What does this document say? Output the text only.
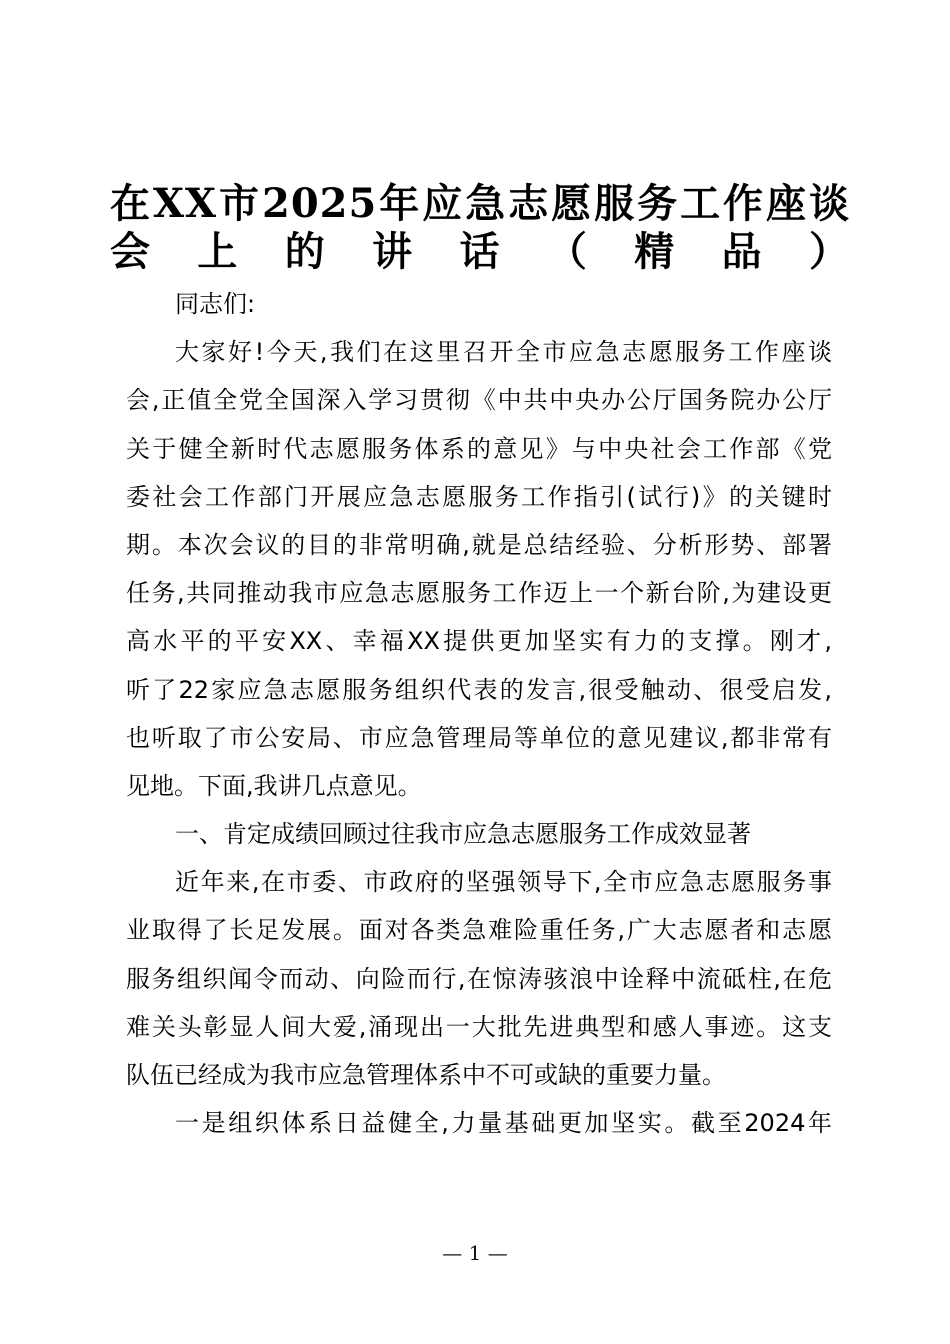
在XX市2025年应急志愿服务工作座谈
会上的讲话（精品）
同志们:
大家好!今天,我们在这里召开全市应急志愿服务工作座谈
会,正值全党全国深入学习贯彻《中共中央办公厅国务院办公厅
关于健全新时代志愿服务体系的意见》与中央社会工作部《党
委社会工作部门开展应急志愿服务工作指引(试行)》的关键时
期。本次会议的目的非常明确,就是总结经验、分析形势、部署
任务,共同推动我市应急志愿服务工作迈上一个新台阶,为建设更
高水平的平安XX、幸福XX提供更加坚实有力的支撑。刚才,
听了22家应急志愿服务组织代表的发言,很受触动、很受启发,
也听取了市公安局、市应急管理局等单位的意见建议,都非常有
见地。下面,我讲几点意见。
一、肯定成绩回顾过往我市应急志愿服务工作成效显著
近年来,在市委、市政府的坚强领导下,全市应急志愿服务事
业取得了长足发展。面对各类急难险重任务,广大志愿者和志愿
服务组织闻令而动、向险而行,在惊涛骇浪中诠释中流砥柱,在危
难关头彰显人间大爱,涌现出一大批先进典型和感人事迹。这支
队伍已经成为我市应急管理体系中不可或缺的重要力量。
一是组织体系日益健全,力量基础更加坚实。截至2024年
— 1 —
